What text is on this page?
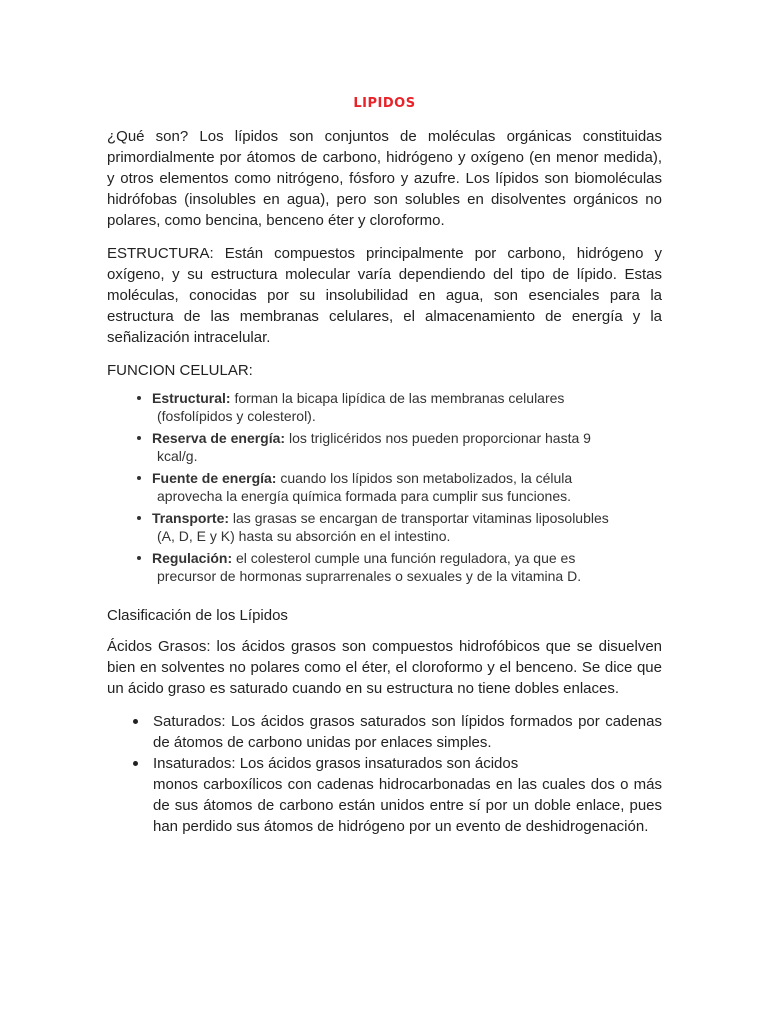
LIPIDOS

¿Qué son? Los lípidos son conjuntos de moléculas orgánicas constituidas primordialmente por átomos de carbono, hidrógeno y oxígeno (en menor medida), y otros elementos como nitrógeno, fósforo y azufre. Los lípidos son biomoléculas hidrófobas (insolubles en agua), pero son solubles en disolventes orgánicos no polares, como bencina, benceno éter y cloroformo.

ESTRUCTURA: Están compuestos principalmente por carbono, hidrógeno y oxígeno, y su estructura molecular varía dependiendo del tipo de lípido. Estas moléculas, conocidas por su insolubilidad en agua, son esenciales para la estructura de las membranas celulares, el almacenamiento de energía y la señalización intracelular.

FUNCION CELULAR:

Estructural: forman la bicapa lipídica de las membranas celulares
(fosfolípidos y colesterol).
Reserva de energía: los triglicéridos nos pueden proporcionar hasta 9
kcal/g.
Fuente de energía: cuando los lípidos son metabolizados, la célula
aprovecha la energía química formada para cumplir sus funciones.
Transporte: las grasas se encargan de transportar vitaminas liposolubles
(A, D, E y K) hasta su absorción en el intestino.
Regulación: el colesterol cumple una función reguladora, ya que es
precursor de hormonas suprarrenales o sexuales y de la vitamina D.

Clasificación de los Lípidos

Ácidos Grasos: los ácidos grasos son compuestos hidrofóbicos que se disuelven bien en solventes no polares como el éter, el cloroformo y el benceno. Se dice que un ácido graso es saturado cuando en su estructura no tiene dobles enlaces.

Saturados: Los ácidos grasos saturados son lípidos formados por cadenas de átomos de carbono unidas por enlaces simples.
Insaturados: Los ácidos grasos insaturados son ácidos

monos carboxílicos con cadenas hidrocarbonadas en las cuales dos o más de sus átomos de carbono están unidos entre sí por un doble enlace, pues han perdido sus átomos de hidrógeno por un evento de deshidrogenación.
